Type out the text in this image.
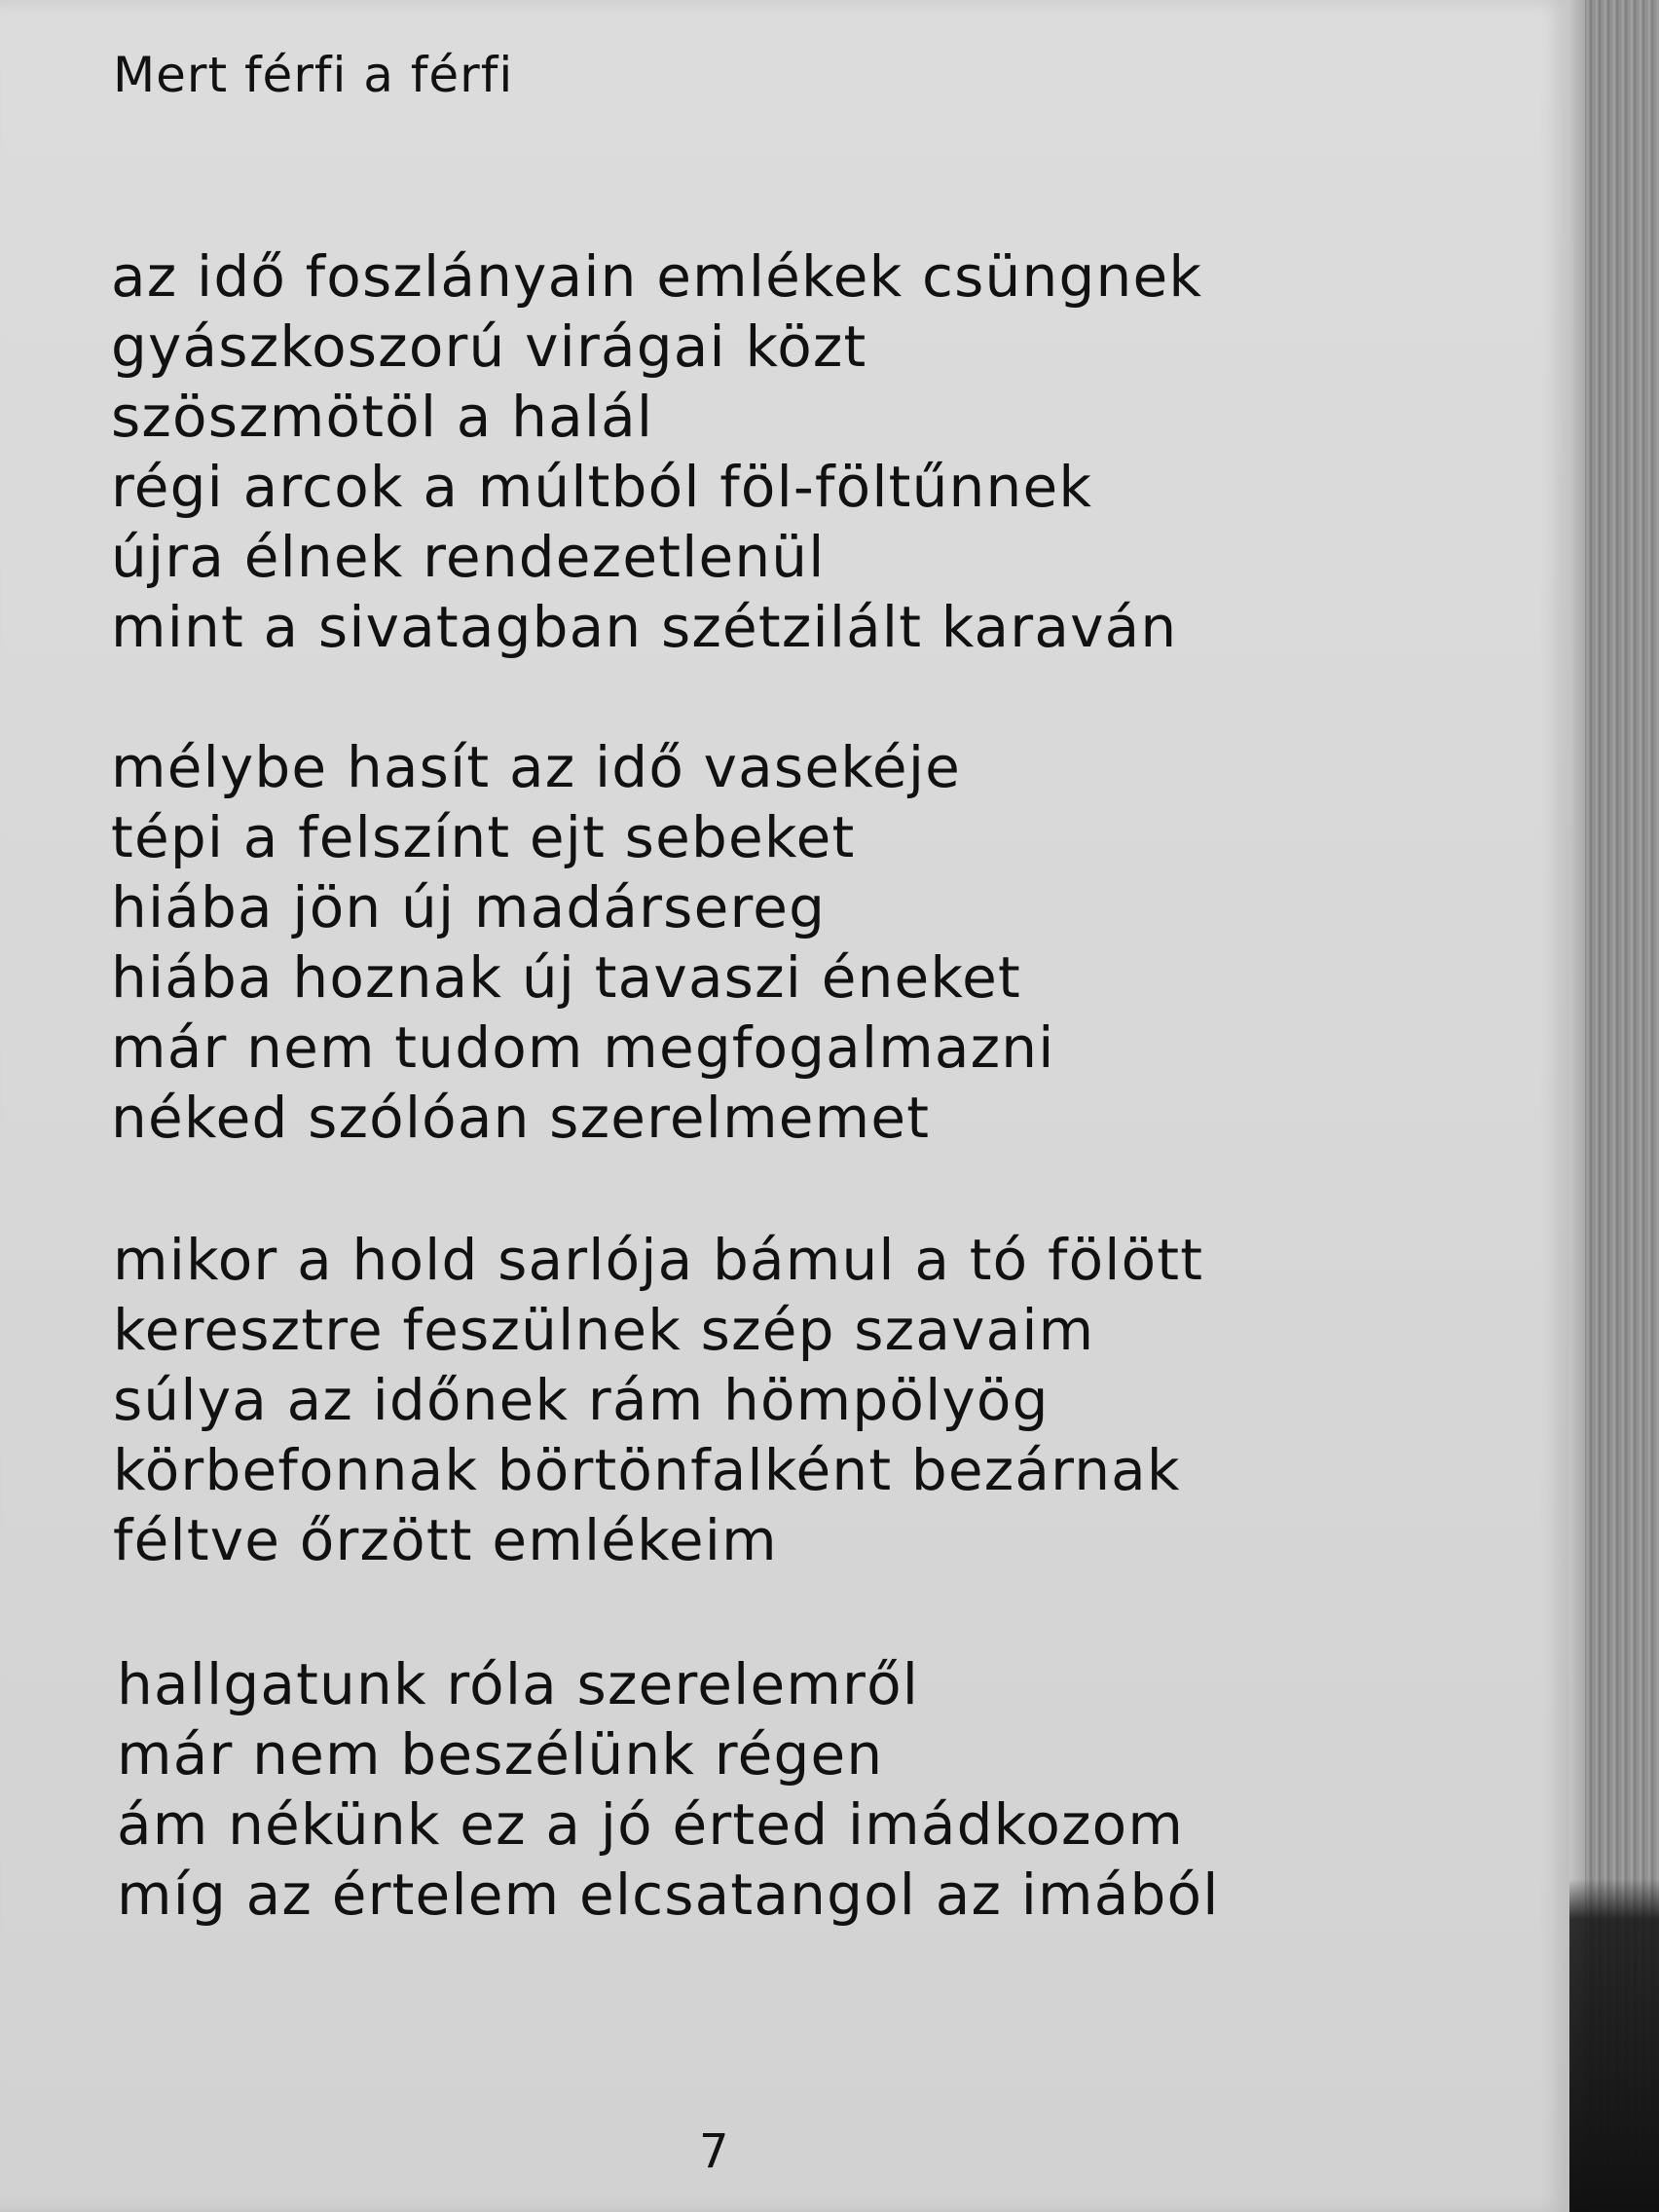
Mert férfi a férfi
az idő foszlányain emlékek csüngnek
gyászkoszorú virágai közt
szöszmötöl a halál
régi arcok a múltból föl-föltűnnek
újra élnek rendezetlenül
mint a sivatagban szétzilált karaván
mélybe hasít az idő vasekéje
tépi a felszínt ejt sebeket
hiába jön új madársereg
hiába hoznak új tavaszi éneket
már nem tudom megfogalmazni
néked szólóan szerelmemet
mikor a hold sarlója bámul a tó fölött
keresztre feszülnek szép szavaim
súlya az időnek rám hömpölyög
körbefonnak börtönfalként bezárnak
féltve őrzött emlékeim
hallgatunk róla szerelemről
már nem beszélünk régen
ám nékünk ez a jó érted imádkozom
míg az értelem elcsatangol az imából
7
